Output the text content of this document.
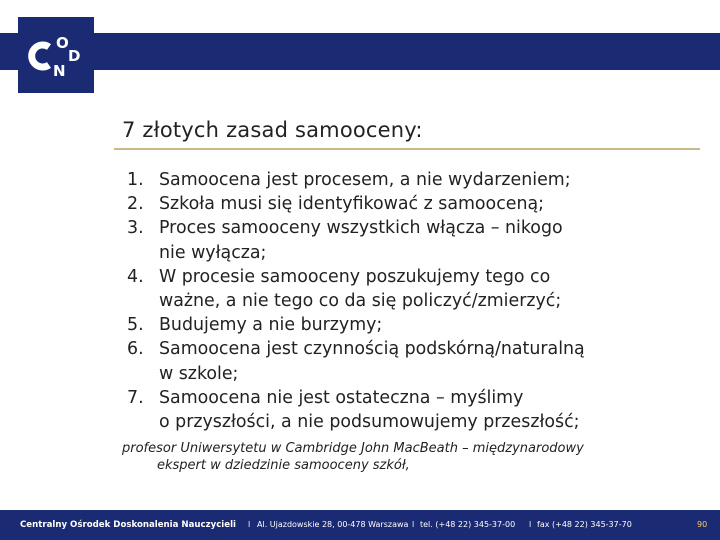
O
D
N
7 złotych zasad samooceny:
1. Samoocena jest procesem, a nie wydarzeniem;
2. Szkoła musi się identyfikować z samooceną;
3. Proces samooceny wszystkich włącza – nikogo
nie wyłącza;
4. W procesie samooceny poszukujemy tego co
ważne, a nie tego co da się policzyć/zmierzyć;
5. Budujemy a nie burzymy;
6. Samoocena jest czynnością podskórną/naturalną
w szkole;
7. Samoocena nie jest ostateczna – myślimy
o przyszłości, a nie podsumowujemy przeszłość;
profesor Uniwersytetu w Cambridge John MacBeath – międzynarodowy
ekspert w dziedzinie samooceny szkół,
Centralny Ośrodek Doskonalenia Nauczycieli l Al. Ujazdowskie 28, 00-478 Warszawa l tel. (+48 22) 345-37-00 l fax (+48 22) 345-37-70	90
